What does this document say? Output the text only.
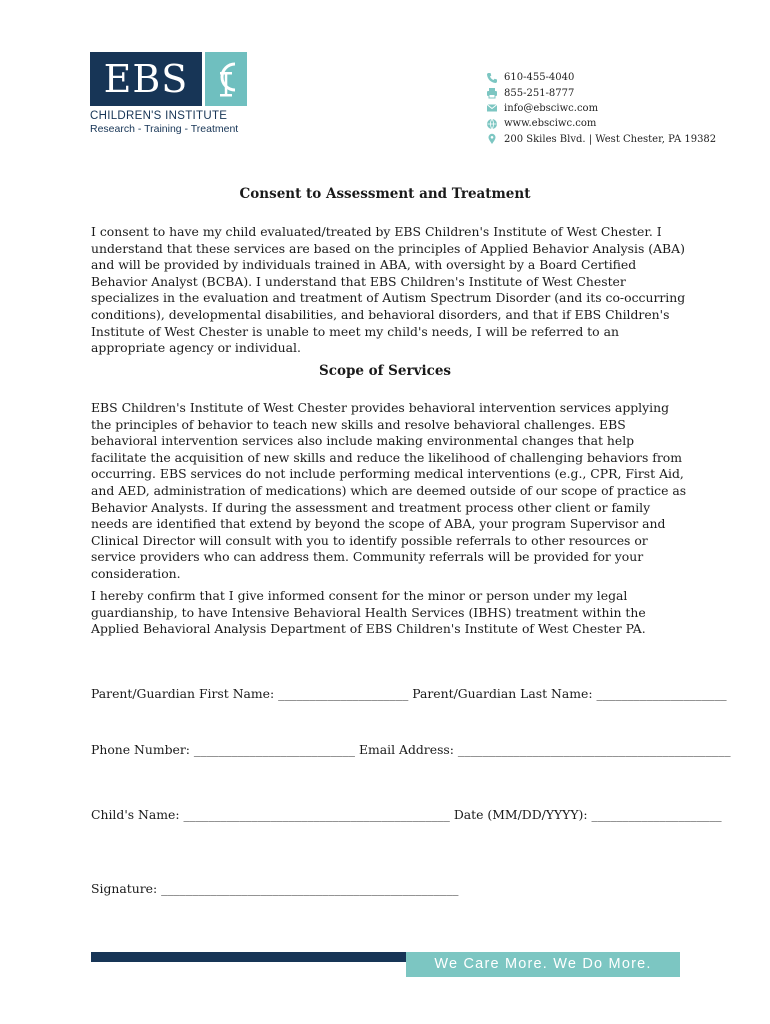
EBS
CHILDREN'S INSTITUTE
Research - Training - Treatment
610-455-4040
855-251-8777
info@ebsciwc.com
www.ebsciwc.com
200 Skiles Blvd. | West Chester, PA 19382
Consent to Assessment and Treatment
I consent to have my child evaluated/treated by EBS Children's Institute of West Chester. I understand that these services are based on the principles of Applied Behavior Analysis (ABA) and will be provided by individuals trained in ABA, with oversight by a Board Certified Behavior Analyst (BCBA). I understand that EBS Children's Institute of West Chester specializes in the evaluation and treatment of Autism Spectrum Disorder (and its co-occurring conditions), developmental disabilities, and behavioral disorders, and that if EBS Children's Institute of West Chester is unable to meet my child's needs, I will be referred to an appropriate agency or individual.
Scope of Services
EBS Children's Institute of West Chester provides behavioral intervention services applying the principles of behavior to teach new skills and resolve behavioral challenges. EBS behavioral intervention services also include making environmental changes that help facilitate the acquisition of new skills and reduce the likelihood of challenging behaviors from occurring. EBS services do not include performing medical interventions (e.g., CPR, First Aid, and AED, administration of medications) which are deemed outside of our scope of practice as Behavior Analysts. If during the assessment and treatment process other client or family needs are identified that extend by beyond the scope of ABA, your program Supervisor and Clinical Director will consult with you to identify possible referrals to other resources or service providers who can address them. Community referrals will be provided for your consideration.
I hereby confirm that I give informed consent for the minor or person under my legal guardianship, to have Intensive Behavioral Health Services (IBHS) treatment within the Applied Behavioral Analysis Department of EBS Children's Institute of West Chester PA.
Parent/Guardian First Name: _____________________ Parent/Guardian Last Name: _____________________
Phone Number: __________________________ Email Address: ____________________________________________
Child's Name: ___________________________________________ Date (MM/DD/YYYY): _____________________
Signature: ________________________________________________
We Care More. We Do More.
